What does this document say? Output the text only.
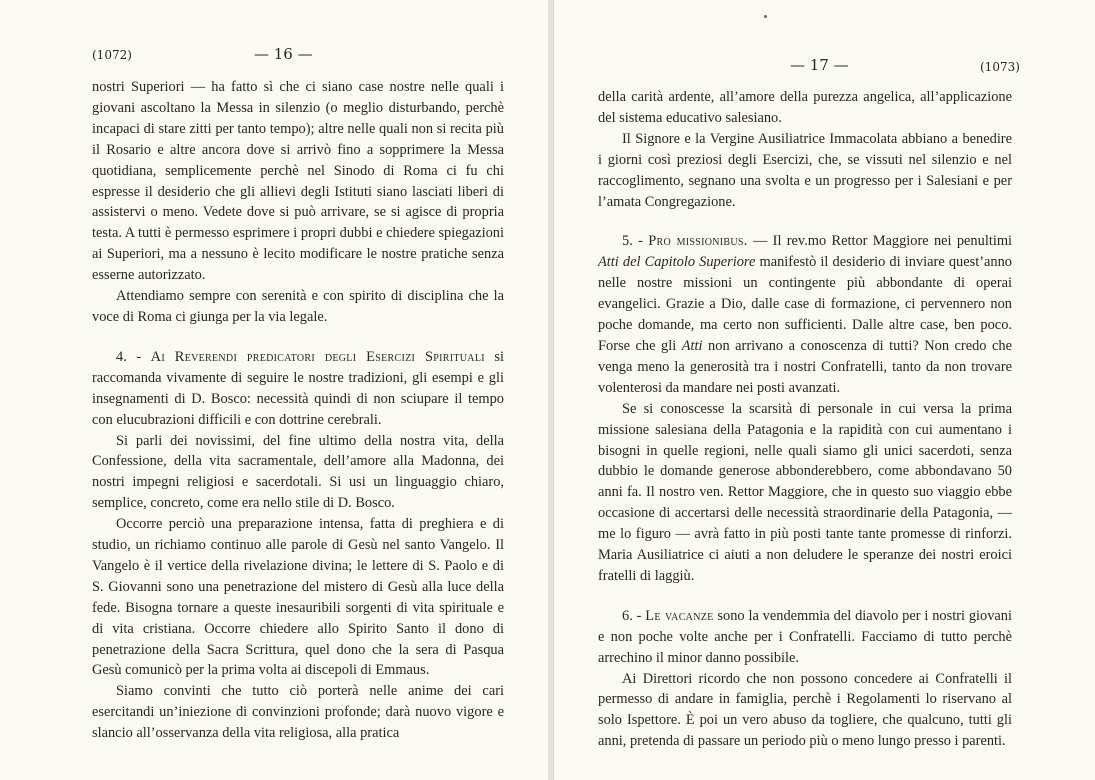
(1072)	— 16 —
— 17 —	(1073)

nostri Superiori — ha fatto sì che ci siano case nostre nelle quali i giovani ascoltano la Messa in silenzio (o meglio disturbando, perchè incapaci di stare zitti per tanto tempo); altre nelle quali non si recita più il Rosario e altre ancora dove si arrivò fino a sopprimere la Messa quotidiana, semplicemente perchè nel Sinodo di Roma ci fu chi espresse il desiderio che gli allievi degli Istituti siano lasciati liberi di assistervi o meno. Vedete dove si può arrivare, se si agisce di propria testa. A tutti è permesso esprimere i propri dubbi e chiedere spiegazioni ai Superiori, ma a nessuno è lecito modificare le nostre pratiche senza esserne autorizzato.

Attendiamo sempre con serenità e con spirito di disciplina che la voce di Roma ci giunga per la via legale.

4. - Ai Reverendi predicatori degli Esercizi Spirituali si raccomanda vivamente di seguire le nostre tradizioni, gli esempi e gli insegnamenti di D. Bosco: necessità quindi di non sciupare il tempo con elucubrazioni difficili e con dottrine cerebrali.

Si parli dei novissimi, del fine ultimo della nostra vita, della Confessione, della vita sacramentale, dell’amore alla Madonna, dei nostri impegni religiosi e sacerdotali. Si usi un linguaggio chiaro, semplice, concreto, come era nello stile di D. Bosco.

Occorre perciò una preparazione intensa, fatta di preghiera e di studio, un richiamo continuo alle parole di Gesù nel santo Vangelo. Il Vangelo è il vertice della rivelazione divina; le lettere di S. Paolo e di S. Giovanni sono una penetrazione del mistero di Gesù alla luce della fede. Bisogna tornare a queste inesauribili sorgenti di vita spirituale e di vita cristiana. Occorre chiedere allo Spirito Santo il dono di penetrazione della Sacra Scrittura, quel dono che la sera di Pasqua Gesù comunicò per la prima volta ai discepoli di Emmaus.

Siamo convinti che tutto ciò porterà nelle anime dei cari esercitandi un’iniezione di convinzioni profonde; darà nuovo vigore e slancio all’osservanza della vita religiosa, alla pratica

della carità ardente, all’amore della purezza angelica, all’applicazione del sistema educativo salesiano.

Il Signore e la Vergine Ausiliatrice Immacolata abbiano a benedire i giorni così preziosi degli Esercizi, che, se vissuti nel silenzio e nel raccoglimento, segnano una svolta e un progresso per i Salesiani e per l’amata Congregazione.

5. - Pro missionibus. — Il rev.mo Rettor Maggiore nei penultimi Atti del Capitolo Superiore manifestò il desiderio di inviare quest’anno nelle nostre missioni un contingente più abbondante di operai evangelici. Grazie a Dio, dalle case di formazione, ci pervennero non poche domande, ma certo non sufficienti. Dalle altre case, ben poco. Forse che gli Atti non arrivano a conoscenza di tutti? Non credo che venga meno la generosità tra i nostri Confratelli, tanto da non trovare volenterosi da mandare nei posti avanzati.

Se si conoscesse la scarsità di personale in cui versa la prima missione salesiana della Patagonia e la rapidità con cui aumentano i bisogni in quelle regioni, nelle quali siamo gli unici sacerdoti, senza dubbio le domande generose abbonderebbero, come abbondavano 50 anni fa. Il nostro ven. Rettor Maggiore, che in questo suo viaggio ebbe occasione di accertarsi delle necessità straordinarie della Patagonia, — me lo figuro — avrà fatto in più posti tante tante promesse di rinforzi. Maria Ausiliatrice ci aiuti a non deludere le speranze dei nostri eroici fratelli di laggiù.

6. - Le vacanze sono la vendemmia del diavolo per i nostri giovani e non poche volte anche per i Confratelli. Facciamo di tutto perchè arrechino il minor danno possibile.

Ai Direttori ricordo che non possono concedere ai Confratelli il permesso di andare in famiglia, perchè i Regolamenti lo riservano al solo Ispettore. È poi un vero abuso da togliere, che qualcuno, tutti gli anni, pretenda di passare un periodo più o meno lungo presso i parenti.
